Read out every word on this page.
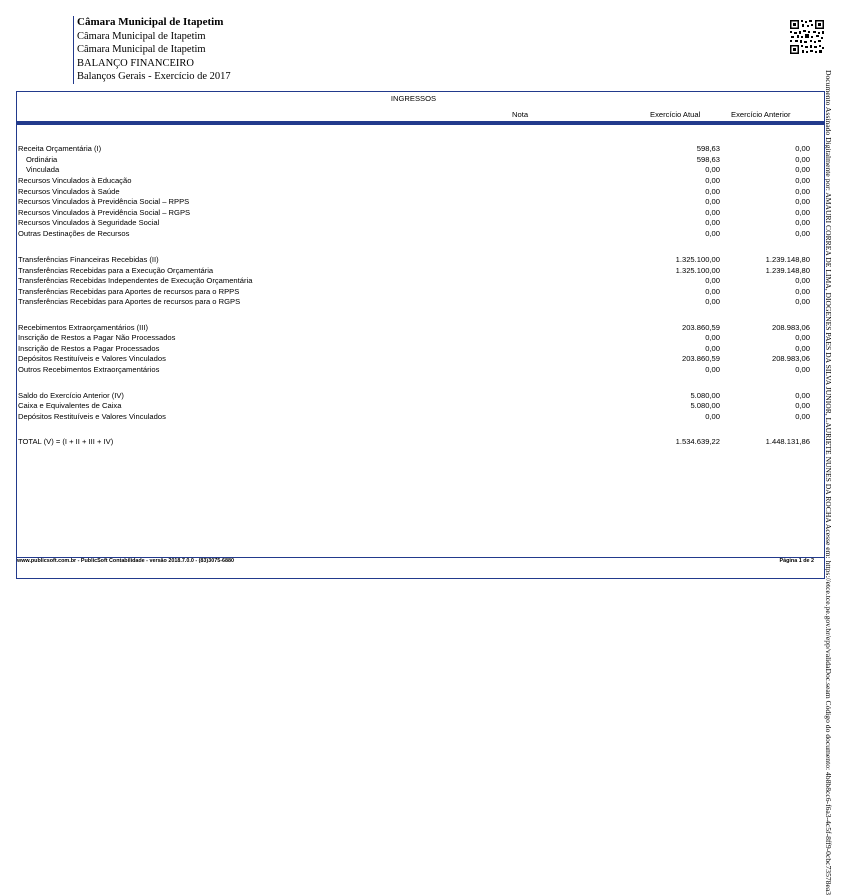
Câmara Municipal de Itapetim
Câmara Municipal de Itapetim
Câmara Municipal de Itapetim
BALANÇO FINANCEIRO
Balanços Gerais - Exercício de 2017	Documento Assinado Digitalmente por: AMAURI CORREA DE LIMA, DIOGENES PAES DA SILVA JUNIOR, LAURIETE NUNES DA ROCHA Acesse em: https://etce.tce.pe.gov.br/epp/validaDoc.seam Código do documento: 4b8b8cc6-f6a3-4c5f-8ff9-0cbc73578ea3
INGRESSOS
Nota	Exercício Atual	Exercício Anterior
Receita Orçamentária (I)	598,63	0,00
Ordinária	598,63	0,00
Vinculada	0,00	0,00
Recursos Vinculados à Educação	0,00	0,00
Recursos Vinculados à Saúde	0,00	0,00
Recursos Vinculados à Previdência Social – RPPS	0,00	0,00
Recursos Vinculados à Previdência Social – RGPS	0,00	0,00
Recursos Vinculados à Seguridade Social	0,00	0,00
Outras Destinações de Recursos	0,00	0,00
Transferências Financeiras Recebidas (II)	1.325.100,00	1.239.148,80
Transferências Recebidas para a Execução Orçamentária	1.325.100,00	1.239.148,80
Transferências Recebidas Independentes de Execução Orçamentária	0,00	0,00
Transferências Recebidas para Aportes de recursos para o RPPS	0,00	0,00
Transferências Recebidas para Aportes de recursos para o RGPS	0,00	0,00
Recebimentos Extraorçamentários (III)	203.860,59	208.983,06
Inscrição de Restos a Pagar Não Processados	0,00	0,00
Inscrição de Restos a Pagar Processados	0,00	0,00
Depósitos Restituíveis e Valores Vinculados	203.860,59	208.983,06
Outros Recebimentos Extraorçamentários	0,00	0,00
Saldo do Exercício Anterior (IV)	5.080,00	0,00
Caixa e Equivalentes de Caixa	5.080,00	0,00
Depósitos Restituíveis e Valores Vinculados	0,00	0,00
TOTAL (V) = (I + II + III + IV)	1.534.639,22	1.448.131,86
www.publicsoft.com.br - PublicSoft Contabilidade - versão 2018.7.0.0 - (83)3075-6880	Página 1 de 2
